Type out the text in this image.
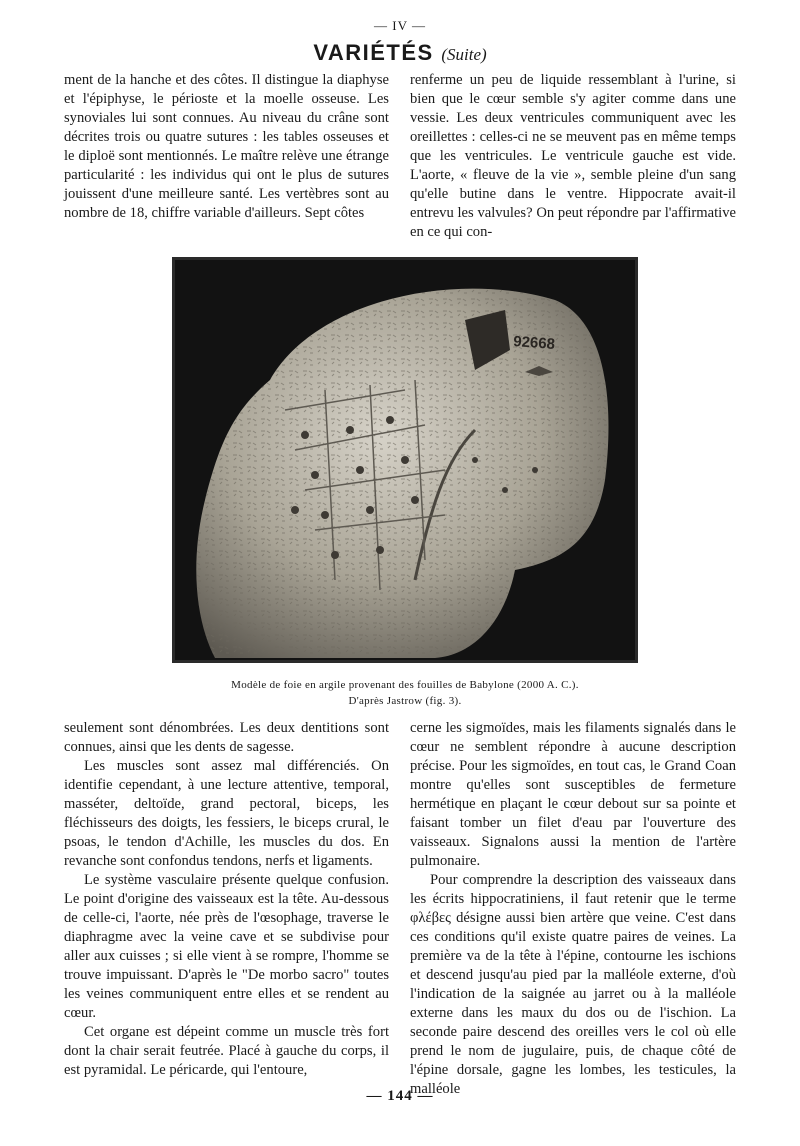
— IV —
VARIÉTÉS (Suite)

ment de la hanche et des côtes. Il distingue la diaphyse et l'épiphyse, le périoste et la moelle osseuse. Les synoviales lui sont connues. Au niveau du crâne sont décrites trois ou quatre sutures : les tables osseuses et le diploë sont mentionnés. Le maître relève une étrange particularité : les individus qui ont le plus de sutures jouissent d'une meilleure santé. Les vertèbres sont au nombre de 18, chiffre variable d'ailleurs. Sept côtes

renferme un peu de liquide ressemblant à l'urine, si bien que le cœur semble s'y agiter comme dans une vessie. Les deux ventricules communiquent avec les oreillettes : celles-ci ne se meuvent pas en même temps que les ventricules. Le ventricule gauche est vide. L'aorte, « fleuve de la vie », semble pleine d'un sang qu'elle butine dans le ventre. Hippocrate avait-il entrevu les valvules? On peut répondre par l'affirmative en ce qui con-

92668
Modèle de foie en argile provenant des fouilles de Babylone (2000 A. C.).
D'après Jastrow (fig. 3).

seulement sont dénombrées. Les deux dentitions sont connues, ainsi que les dents de sagesse.

Les muscles sont assez mal différenciés. On identifie cependant, à une lecture attentive, temporal, masséter, deltoïde, grand pectoral, biceps, les fléchisseurs des doigts, les fessiers, le biceps crural, le psoas, le tendon d'Achille, les muscles du dos. En revanche sont confondus tendons, nerfs et ligaments.

Le système vasculaire présente quelque confusion. Le point d'origine des vaisseaux est la tête. Au-dessous de celle-ci, l'aorte, née près de l'œsophage, traverse le diaphragme avec la veine cave et se subdivise pour aller aux cuisses ; si elle vient à se rompre, l'homme se trouve impuissant. D'après le "De morbo sacro" toutes les veines communiquent entre elles et se rendent au cœur.

Cet organe est dépeint comme un muscle très fort dont la chair serait feutrée. Placé à gauche du corps, il est pyramidal. Le péricarde, qui l'entoure,

cerne les sigmoïdes, mais les filaments signalés dans le cœur ne semblent répondre à aucune description précise. Pour les sigmoïdes, en tout cas, le Grand Coan montre qu'elles sont susceptibles de fermeture hermétique en plaçant le cœur debout sur sa pointe et faisant tomber un filet d'eau par l'ouverture des vaisseaux. Signalons aussi la mention de l'artère pulmonaire.

Pour comprendre la description des vaisseaux dans les écrits hippocratiniens, il faut retenir que le terme φλέβες désigne aussi bien artère que veine. C'est dans ces conditions qu'il existe quatre paires de veines. La première va de la tête à l'épine, contourne les ischions et descend jusqu'au pied par la malléole externe, d'où l'indication de la saignée au jarret ou à la malléole externe dans les maux du dos ou de l'ischion. La seconde paire descend des oreilles vers le col où elle prend le nom de jugulaire, puis, de chaque côté de l'épine dorsale, gagne les lombes, les testicules, la malléole

— 144 —
